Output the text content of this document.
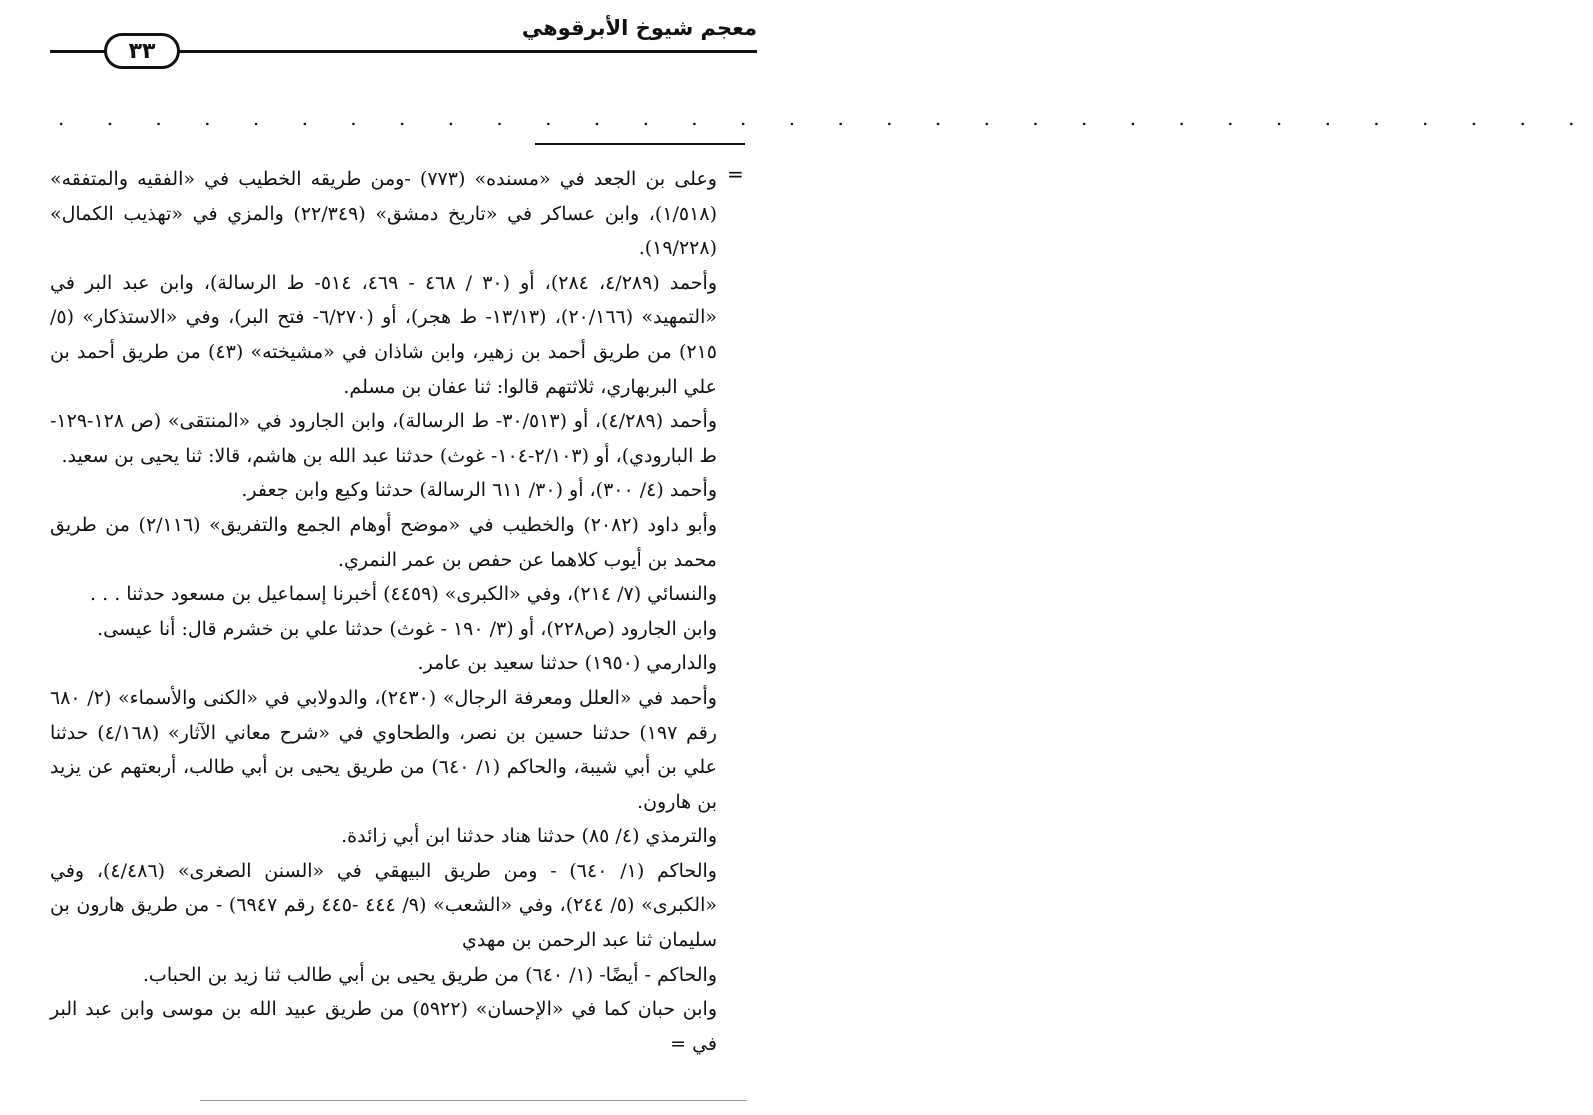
معجم شيوخ الأبرقوهي
٣٣
. . . . . . . . . . . . . . . . . . . . . . . . . . . . . . . .
=

وعلى بن الجعد في «مسنده» (٧٧٣) -ومن طريقه الخطيب في «الفقيه والمتفقه» (١/٥١٨)، وابن عساكر في «تاريخ دمشق» (٢٢/٣٤٩) والمزي في «تهذيب الكمال» (١٩/٢٢٨).

وأحمد (٤/٢٨٩، ٢٨٤)، أو (٣٠ / ٤٦٨ - ٤٦٩، ٥١٤- ط الرسالة)، وابن عبد البر في «التمهيد» (٢٠/١٦٦)، (١٣/١٣- ط هجر)، أو (٦/٢٧٠- فتح البر)، وفي «الاستذكار» (٥/ ٢١٥) من طريق أحمد بن زهير، وابن شاذان في «مشيخته» (٤٣) من طريق أحمد بن علي البربهاري، ثلاثتهم قالوا: ثنا عفان بن مسلم.

وأحمد (٤/٢٨٩)، أو (٣٠/٥١٣- ط الرسالة)، وابن الجارود في «المنتقى» (ص ١٢٨-١٢٩- ط البارودي)، أو (٢/١٠٣-١٠٤- غوث) حدثنا عبد الله بن هاشم، قالا: ثنا يحيى بن سعيد.

وأحمد (٤/ ٣٠٠)، أو (٣٠/ ٦١١ الرسالة) حدثنا وكيع وابن جعفر.

وأبو داود (٢٠٨٢) والخطيب في «موضح أوهام الجمع والتفريق» (٢/١١٦) من طريق محمد بن أيوب كلاهما عن حفص بن عمر النمري.

والنسائي (٧/ ٢١٤)، وفي «الكبرى» (٤٤٥٩) أخبرنا إسماعيل بن مسعود حدثنا . . .

وابن الجارود (ص٢٢٨)، أو (٣/ ١٩٠ - غوث) حدثنا علي بن خشرم قال: أنا عيسى.

والدارمي (١٩٥٠) حدثنا سعيد بن عامر.

وأحمد في «العلل ومعرفة الرجال» (٢٤٣٠)، والدولابي في «الكنى والأسماء» (٢/ ٦٨٠ رقم ١٩٧) حدثنا حسين بن نصر، والطحاوي في «شرح معاني الآثار» (٤/١٦٨) حدثنا علي بن أبي شيبة، والحاكم (١/ ٦٤٠) من طريق يحيى بن أبي طالب، أربعتهم عن يزيد بن هارون.

والترمذي (٤/ ٨٥) حدثنا هناد حدثنا ابن أبي زائدة.

والحاكم (١/ ٦٤٠) - ومن طريق البيهقي في «السنن الصغرى» (٤/٤٨٦)، وفي «الكبرى» (٥/ ٢٤٤)، وفي «الشعب» (٩/ ٤٤٤ -٤٤٥ رقم ٦٩٤٧) - من طريق هارون بن سليمان ثنا عبد الرحمن بن مهدي

والحاكم - أيضًا- (١/ ٦٤٠) من طريق يحيى بن أبي طالب ثنا زيد بن الحباب.

وابن حبان كما في «الإحسان» (٥٩٢٢) من طريق عبيد الله بن موسى وابن عبد البر في =
